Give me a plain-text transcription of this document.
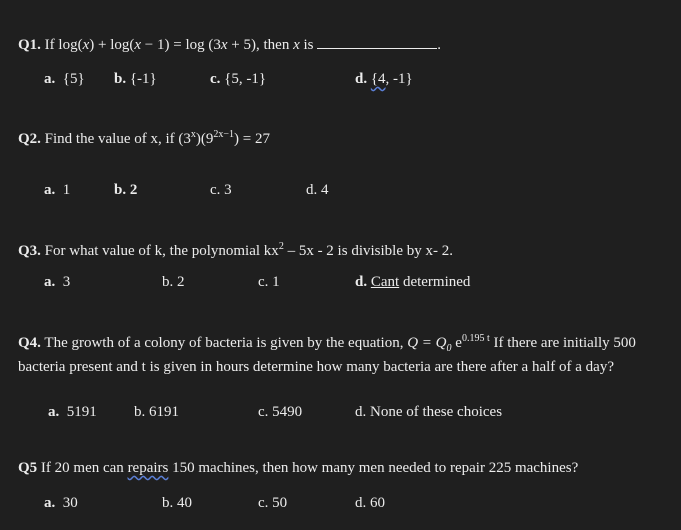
Q1. If log(x) + log(x − 1) = log (3x + 5), then x is	.
a. {5} b. {-1}	c. {5, -1}	d. {4, -1}
Q2. Find the value of x, if $(3^x)(9^{2x-1}) = 27$
a. 1	b. 2	c. 3	d. 4
Q3. For what value of k, the polynomial $kx^2 - 5x - 2$ is divisible by x- 2.
a. 3	b. 2	c. 1	d. Cant determined
Q4. The growth of a colony of bacteria is given by the equation, $Q = Q_0$ $e^{0.195 t}$ If there are initially 500 bacteria present and t is given in hours determine how many bacteria are there after a half of a day?
a. 5191 b. 6191	c. 5490	d. None of these choices
Q5 If 20 men can repairs 150 machines, then how many men needed to repair 225 machines?
a. 30	b. 40	c. 50	d. 60
